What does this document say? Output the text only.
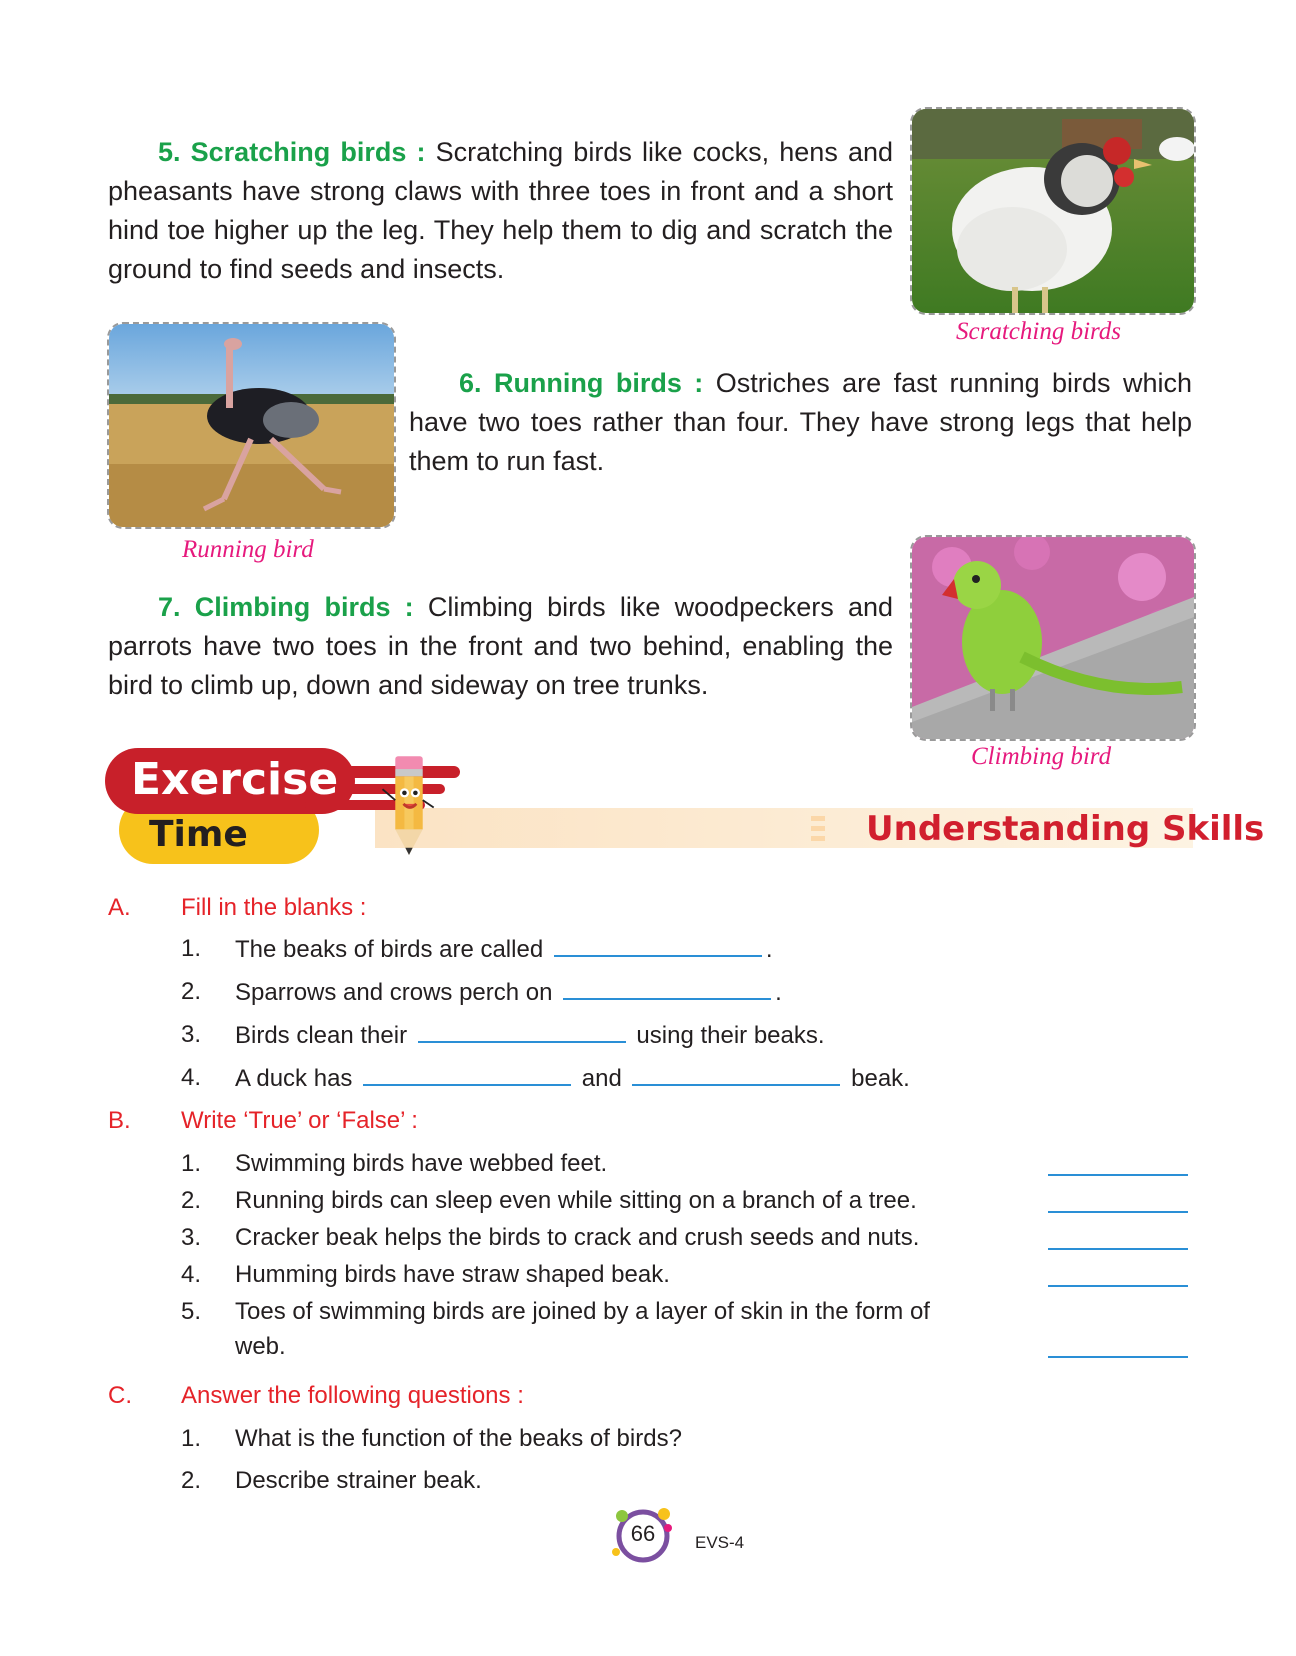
5. Scratching birds : Scratching birds like cocks, hens and pheasants have strong claws with three toes in front and a short hind toe higher up the leg. They help them to dig and scratch the ground to find seeds and insects.
Scratching birds
Running bird
6. Running birds : Ostriches are fast running birds which have two toes rather than four. They have strong legs that help them to run fast.
7. Climbing birds : Climbing birds like woodpeckers and parrots have two toes in the front and two behind, enabling the bird to climb up, down and sideway on tree trunks.
Climbing bird
Exercise
Time	Understanding Skills
A. Fill in the blanks :
1. The beaks of birds are called	.
2. Sparrows and crows perch on	.
3. Birds clean their	using their beaks.
4. A duck has	and	beak.
B. Write ‘True’ or ‘False’ :
1. Swimming birds have webbed feet.
2. Running birds can sleep even while sitting on a branch of a tree.
3. Cracker beak helps the birds to crack and crush seeds and nuts.
4. Humming birds have straw shaped beak.
5. Toes of swimming birds are joined by a layer of skin in the form of
web.
C. Answer the following questions :
1. What is the function of the beaks of birds?
2. Describe strainer beak.
66	EVS-4
